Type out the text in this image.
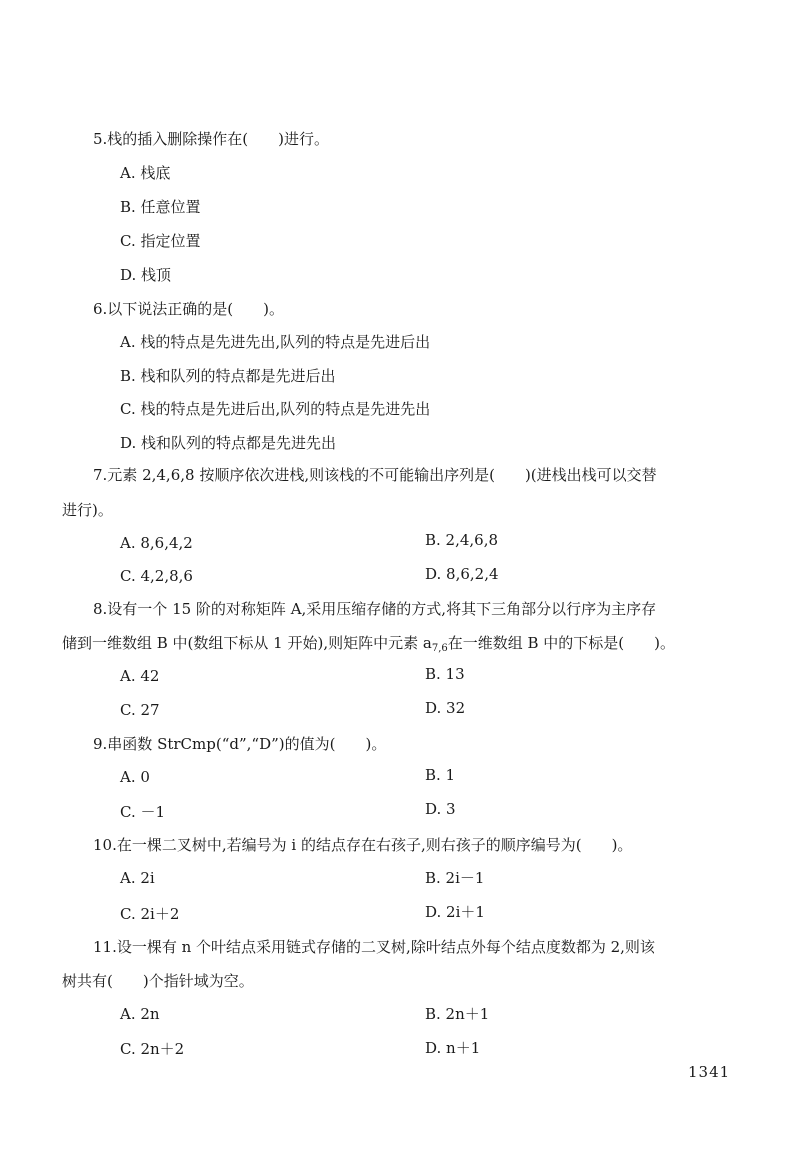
5.栈的插入删除操作在(　　)进行。
A. 栈底
B. 任意位置
C. 指定位置
D. 栈顶
6.以下说法正确的是(　　)。
A. 栈的特点是先进先出,队列的特点是先进后出
B. 栈和队列的特点都是先进后出
C. 栈的特点是先进后出,队列的特点是先进先出
D. 栈和队列的特点都是先进先出
7.元素 2,4,6,8 按顺序依次进栈,则该栈的不可能输出序列是(　　)(进栈出栈可以交替
进行)。
A. 8,6,4,2	B. 2,4,6,8
C. 4,2,8,6	D. 8,6,2,4
8.设有一个 15 阶的对称矩阵 A,采用压缩存储的方式,将其下三角部分以行序为主序存
储到一维数组 B 中(数组下标从 1 开始),则矩阵中元素 $a_{7,6}$在一维数组 B 中的下标是(　　)。
A. 42	B. 13
C. 27	D. 32
9.串函数 StrCmp(“d”,“D”)的值为(　　)。
A. 0	B. 1
C. －1	D. 3
10.在一棵二叉树中,若编号为 i 的结点存在右孩子,则右孩子的顺序编号为(　　)。
A. 2i	B. 2i－1
C. 2i＋2	D. 2i＋1
11.设一棵有 n 个叶结点采用链式存储的二叉树,除叶结点外每个结点度数都为 2,则该
树共有(　　)个指针域为空。
A. 2n	B. 2n＋1
C. 2n＋2	D. n＋1
1341
